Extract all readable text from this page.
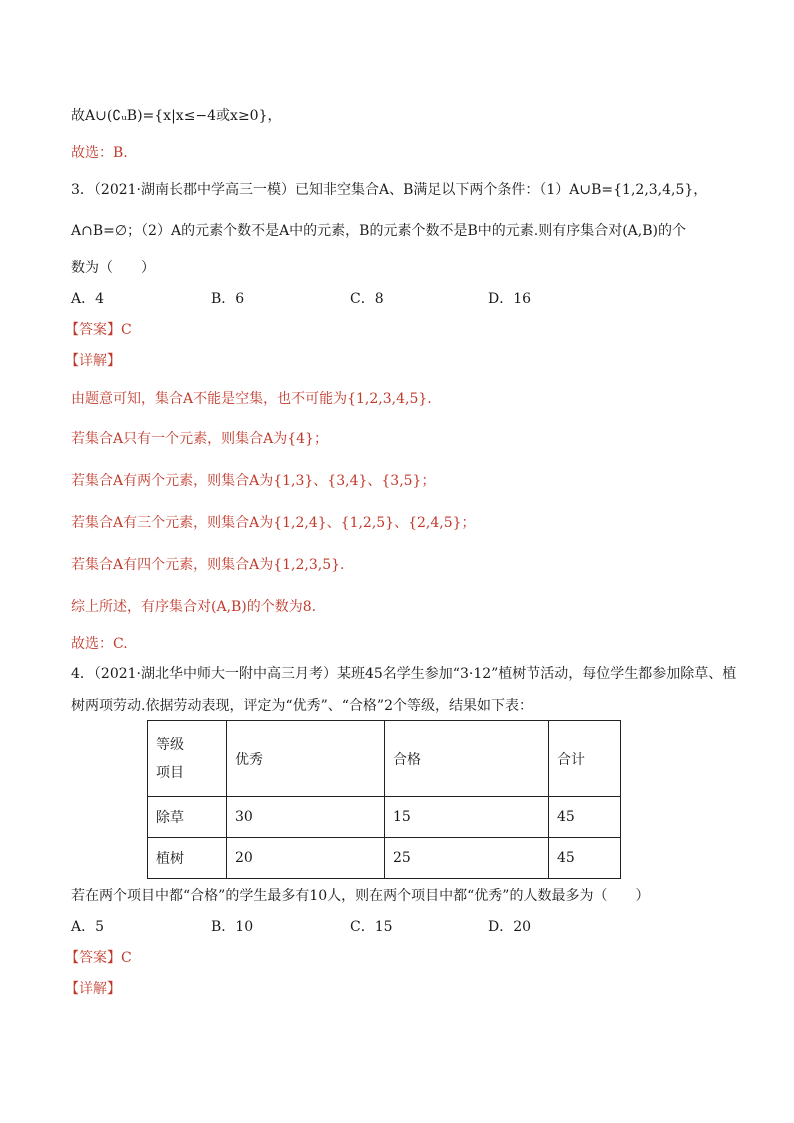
故A∪(∁ᵤB)={x|x≤−4或x≥0}，
故选：B.
3．（2021·湖南长郡中学高三一模）已知非空集合A、B满足以下两个条件：（1）A∪B={1,2,3,4,5}，
A∩B=∅；（2）A的元素个数不是A中的元素，B的元素个数不是B中的元素.则有序集合对(A,B)的个
数为（　　）
A．4	B．6	C．8	D．16
【答案】C
【详解】
由题意可知，集合A不能是空集，也不可能为{1,2,3,4,5}.
若集合A只有一个元素，则集合A为{4}；
若集合A有两个元素，则集合A为{1,3}、{3,4}、{3,5}；
若集合A有三个元素，则集合A为{1,2,4}、{1,2,5}、{2,4,5}；
若集合A有四个元素，则集合A为{1,2,3,5}.
综上所述，有序集合对(A,B)的个数为8.
故选：C.
4．（2021·湖北华中师大一附中高三月考）某班45名学生参加“3·12”植树节活动，每位学生都参加除草、植
树两项劳动.依据劳动表现，评定为“优秀”、“合格”2个等级，结果如下表：
等级
项目	优秀	合格	合计
除草	30	15	45
植树	20	25	45
若在两个项目中都“合格”的学生最多有10人，则在两个项目中都“优秀”的人数最多为（　　）
A．5	B．10	C．15	D．20
【答案】C
【详解】
